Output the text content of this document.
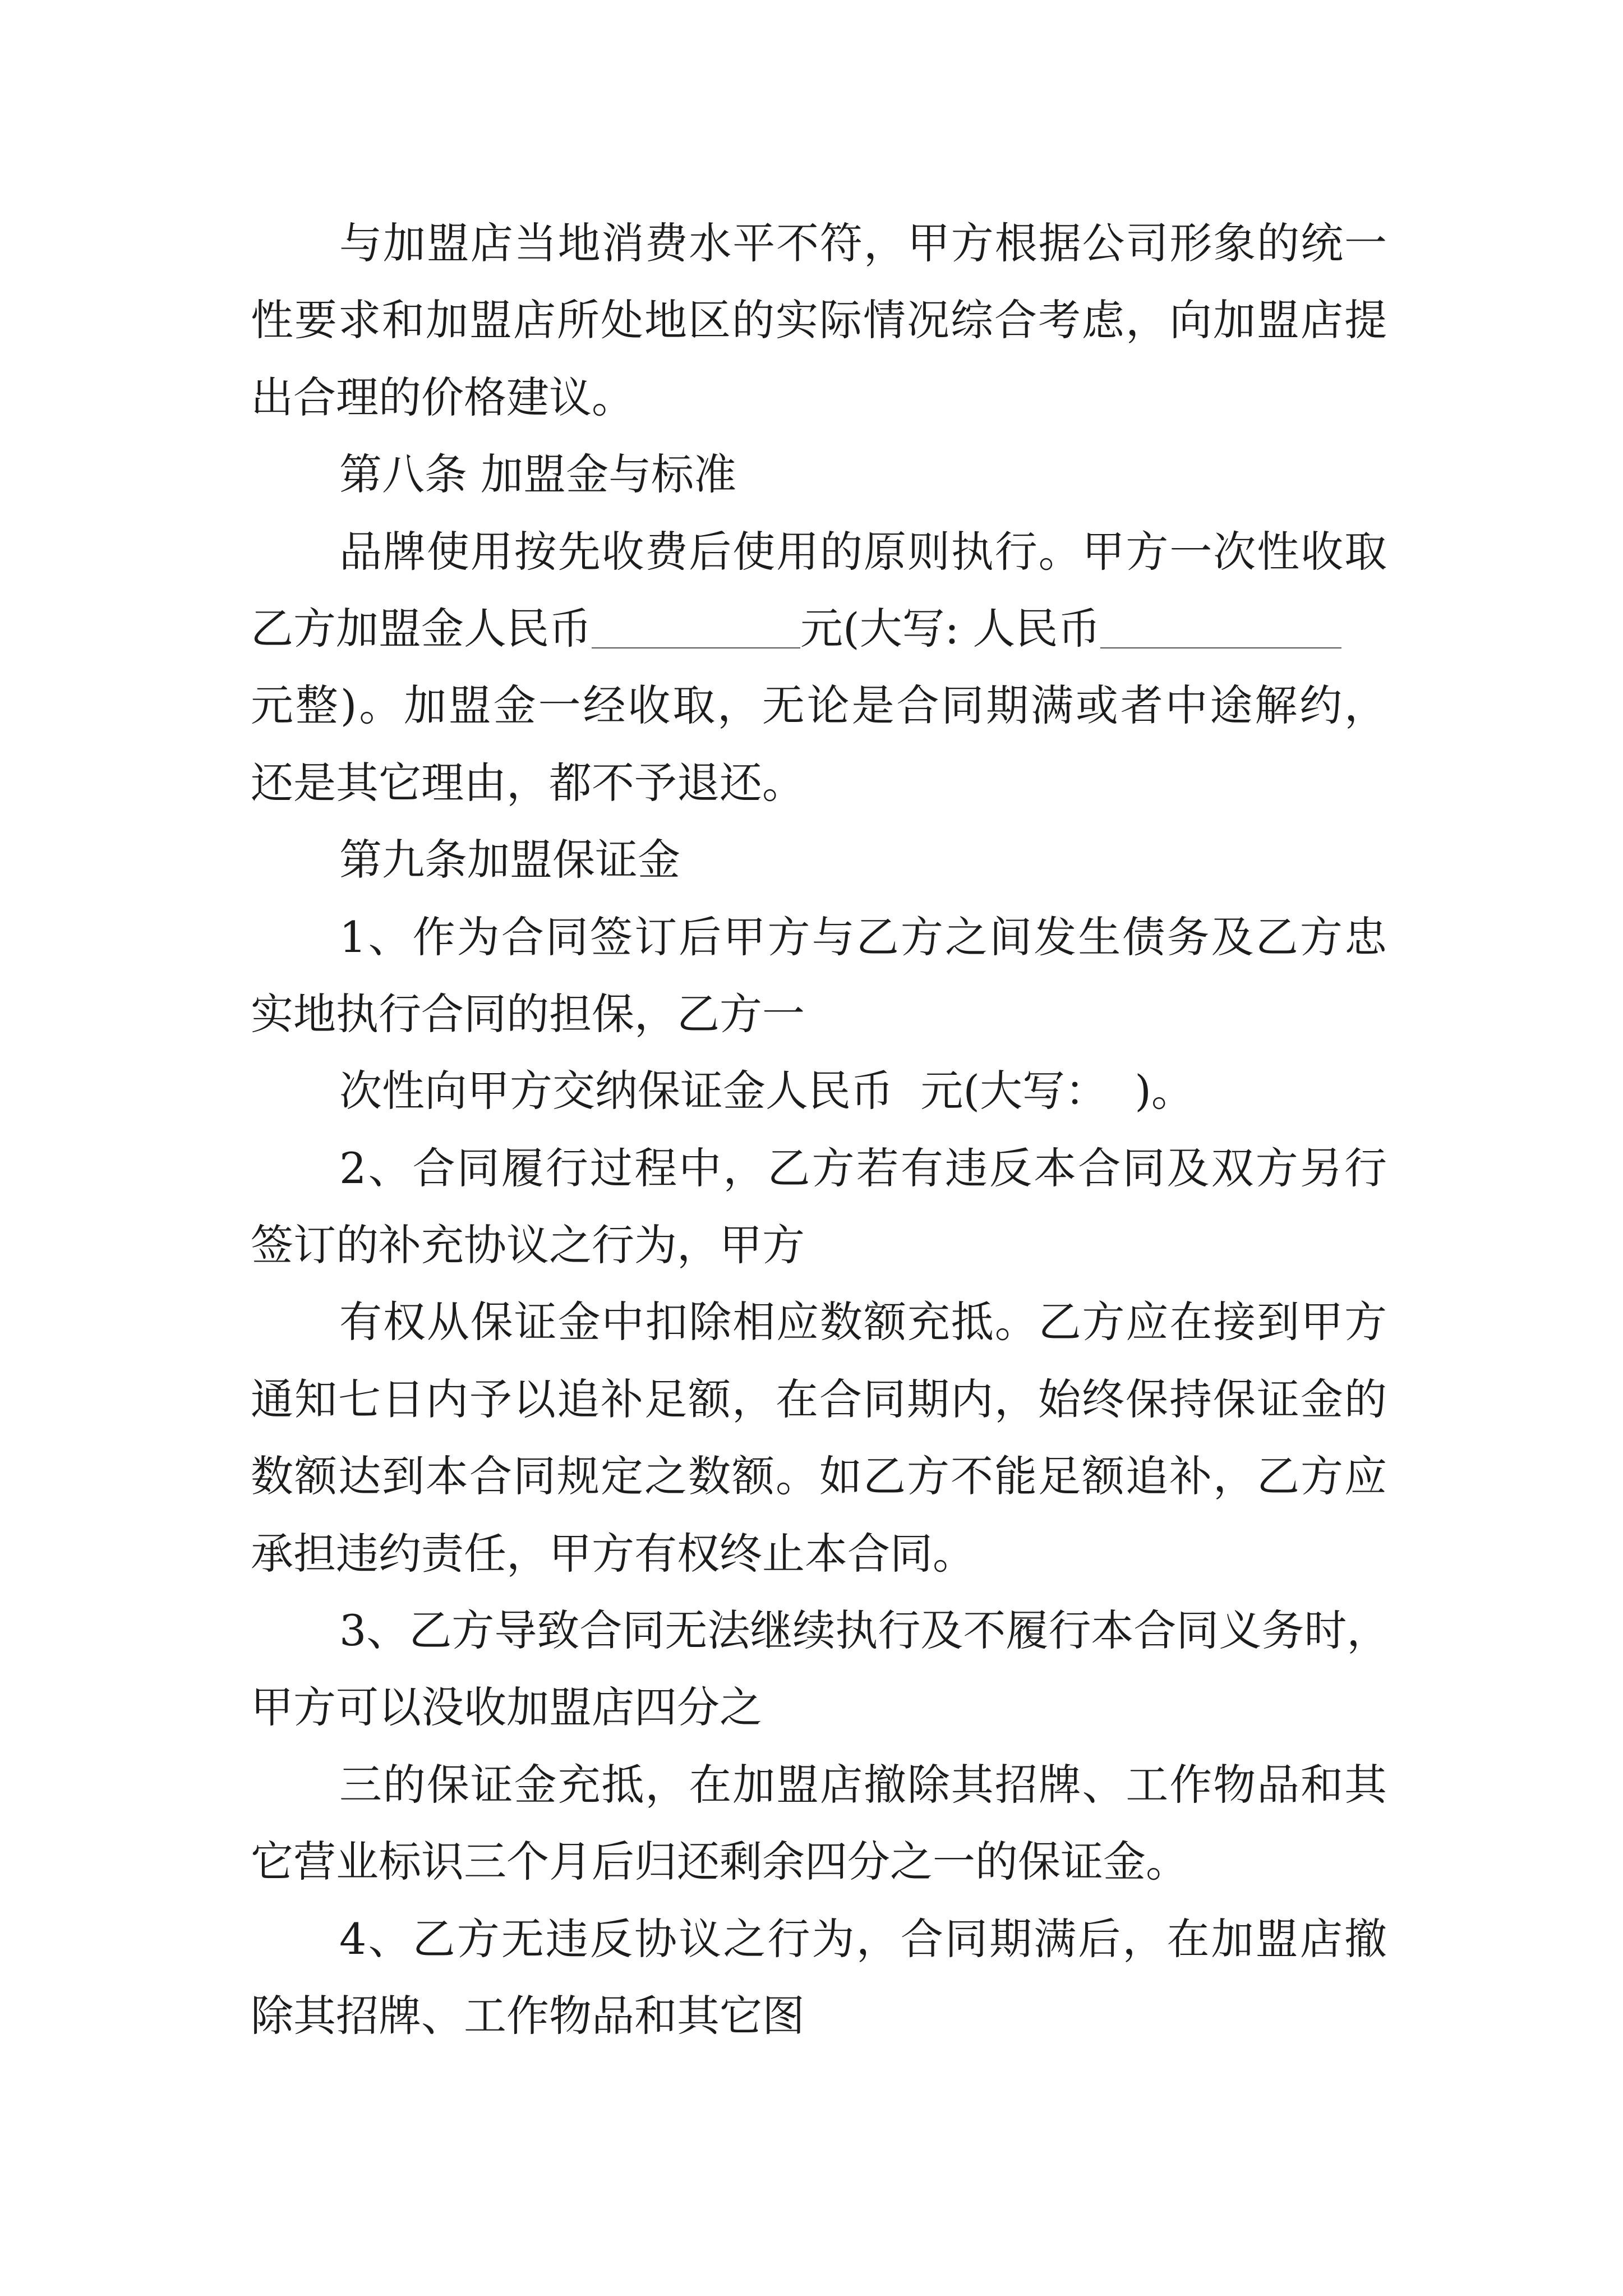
与加盟店当地消费水平不符，甲方根据公司形象的统一
性要求和加盟店所处地区的实际情况综合考虑，向加盟店提
出合理的价格建议。
第八条 加盟金与标准
品牌使用按先收费后使用的原则执行。甲方一次性收取
乙方加盟金人民币	元(大写: 人民币
元整)。加盟金一经收取，无论是合同期满或者中途解约，
还是其它理由，都不予退还。
第九条加盟保证金
1、作为合同签订后甲方与乙方之间发生债务及乙方忠
实地执行合同的担保，乙方一
次性向甲方交纳保证金人民币  元(大写：  )。
2、合同履行过程中，乙方若有违反本合同及双方另行
签订的补充协议之行为，甲方
有权从保证金中扣除相应数额充抵。乙方应在接到甲方
通知七日内予以追补足额，在合同期内，始终保持保证金的
数额达到本合同规定之数额。如乙方不能足额追补，乙方应
承担违约责任，甲方有权终止本合同。
3、乙方导致合同无法继续执行及不履行本合同义务时，
甲方可以没收加盟店四分之
三的保证金充抵，在加盟店撤除其招牌、工作物品和其
它营业标识三个月后归还剩余四分之一的保证金。
4、乙方无违反协议之行为，合同期满后，在加盟店撤
除其招牌、工作物品和其它图
